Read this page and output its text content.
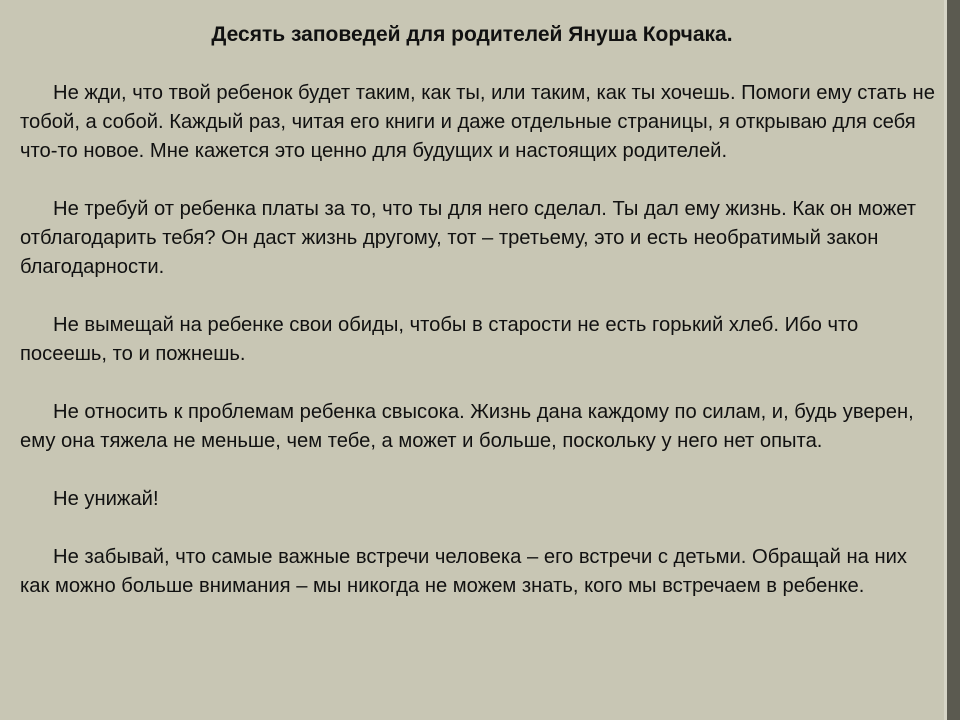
Десять заповедей для родителей Януша Корчака.

Не жди, что твой ребенок будет таким, как ты, или таким, как ты хочешь. Помоги ему стать не тобой, а собой. Каждый раз, читая его книги и даже отдельные страницы, я открываю для себя что-то новое. Мне кажется это ценно для будущих и настоящих родителей.

Не требуй от ребенка платы за то, что ты для него сделал. Ты дал ему жизнь. Как он может отблагодарить тебя? Он даст жизнь другому, тот – третьему, это и есть необратимый закон благодарности.

Не вымещай на ребенке свои обиды, чтобы в старости не есть горький хлеб. Ибо что посеешь, то и пожнешь.

Не относить к проблемам ребенка свысока. Жизнь дана каждому по силам, и, будь уверен, ему она тяжела не меньше, чем тебе, а может и больше, поскольку у него нет опыта.

Не унижай!

Не забывай, что самые важные встречи человека – его встречи с детьми. Обращай на них как можно больше внимания – мы никогда не можем знать, кого мы встречаем в ребенке.
